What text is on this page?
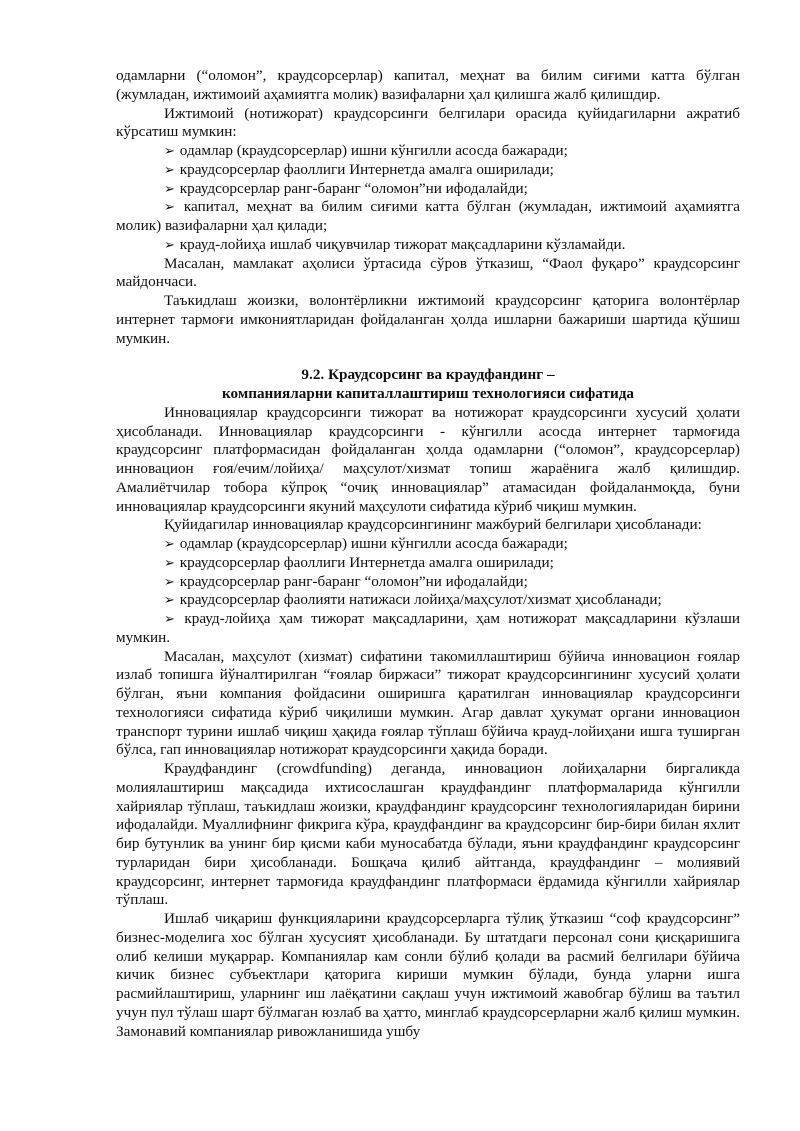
одамларни (“оломон”, краудсорсерлар) капитал, меҳнат ва билим сиғими катта бўлган (жумладан, ижтимоий аҳамиятга молик) вазифаларни ҳал қилишга жалб қилишдир.

Ижтимоий (нотижорат) краудсорсинги белгилари орасида қуйидагиларни ажратиб кўрсатиш мумкин:

➢ одамлар (краудсорсерлар) ишни кўнгилли асосда бажаради;

➢ краудсорсерлар фаоллиги Интернетда амалга оширилади;

➢ краудсорсерлар ранг-баранг “оломон”ни ифодалайди;

➢ капитал, меҳнат ва билим сиғими катта бўлган (жумладан, ижтимоий аҳамиятга молик) вазифаларни ҳал қилади;

➢ крауд-лойиҳа ишлаб чиқувчилар тижорат мақсадларини кўзламайди.

Масалан, мамлакат аҳолиси ўртасида сўров ўтказиш, “Фаол фуқаро” краудсорсинг майдончаси.

Таъкидлаш жоизки, волонтёрликни ижтимоий краудсорсинг қаторига волонтёрлар интернет тармоғи имкониятларидан фойдаланган ҳолда ишларни бажариши шартида қўшиш мумкин.

9.2. Краудсорсинг ва краудфандинг –

компанияларни капиталлаштириш технологияси сифатида

Инновациялар краудсорсинги тижорат ва нотижорат краудсорсинги хусусий ҳолати ҳисобланади. Инновациялар краудсорсинги - кўнгилли асосда интернет тармоғида краудсорсинг платформасидан фойдаланган ҳолда одамларни (“оломон”, краудсорсерлар) инновацион ғоя/ечим/лойиҳа/ маҳсулот/хизмат топиш жараёнига жалб қилишдир. Амалиётчилар тобора кўпроқ “очиқ инновациялар” атамасидан фойдаланмоқда, буни инновациялар краудсорсинги якуний маҳсулоти сифатида кўриб чиқиш мумкин.

Қуйидагилар инновациялар краудсорсингининг мажбурий белгилари ҳисобланади:

➢ одамлар (краудсорсерлар) ишни кўнгилли асосда бажаради;

➢ краудсорсерлар фаоллиги Интернетда амалга оширилади;

➢ краудсорсерлар ранг-баранг “оломон”ни ифодалайди;

➢ краудсорсерлар фаолияти натижаси лойиҳа/маҳсулот/хизмат ҳисобланади;

➢ крауд-лойиҳа ҳам тижорат мақсадларини, ҳам нотижорат мақсадларини кўзлаши мумкин.

Масалан, маҳсулот (хизмат) сифатини такомиллаштириш бўйича инновацион ғоялар излаб топишга йўналтирилган “ғоялар биржаси” тижорат краудсорсингининг хусусий ҳолати бўлган, яъни компания фойдасини оширишга қаратилган инновациялар краудсорсинги технологияси сифатида кўриб чиқилиши мумкин. Агар давлат ҳукумат органи инновацион транспорт турини ишлаб чиқиш ҳақида ғоялар тўплаш бўйича крауд-лойиҳани ишга туширган бўлса, гап инновациялар нотижорат краудсорсинги ҳақида боради.

Краудфандинг (crowdfunding) деганда, инновацион лойиҳаларни биргаликда молиялаштириш мақсадида ихтисослашган краудфандинг платформаларида кўнгилли хайриялар тўплаш, таъкидлаш жоизки, краудфандинг краудсорсинг технологияларидан бирини ифодалайди. Муаллифнинг фикрига кўра, краудфандинг ва краудсорсинг бир-бири билан яхлит бир бутунлик ва унинг бир қисми каби муносабатда бўлади, яъни краудфандинг краудсорсинг турларидан бири ҳисобланади. Бошқача қилиб айтганда, краудфандинг – молиявий краудсорсинг, интернет тармоғида краудфандинг платформаси ёрдамида кўнгилли хайриялар тўплаш.

Ишлаб чиқариш функцияларини краудсорсерларга тўлиқ ўтказиш “соф краудсорсинг” бизнес-моделига хос бўлган хусусият ҳисобланади. Бу штатдаги персонал сони қисқаришига олиб келиши муқаррар. Компаниялар кам сонли бўлиб қолади ва расмий белгилари бўйича кичик бизнес субъектлари қаторига кириши мумкин бўлади, бунда уларни ишга расмийлаштириш, уларнинг иш лаёқатини сақлаш учун ижтимоий жавобгар бўлиш ва таътил учун пул тўлаш шарт бўлмаган юзлаб ва ҳатто, минглаб краудсорсерларни жалб қилиш мумкин. Замонавий компаниялар ривожланишида ушбу
